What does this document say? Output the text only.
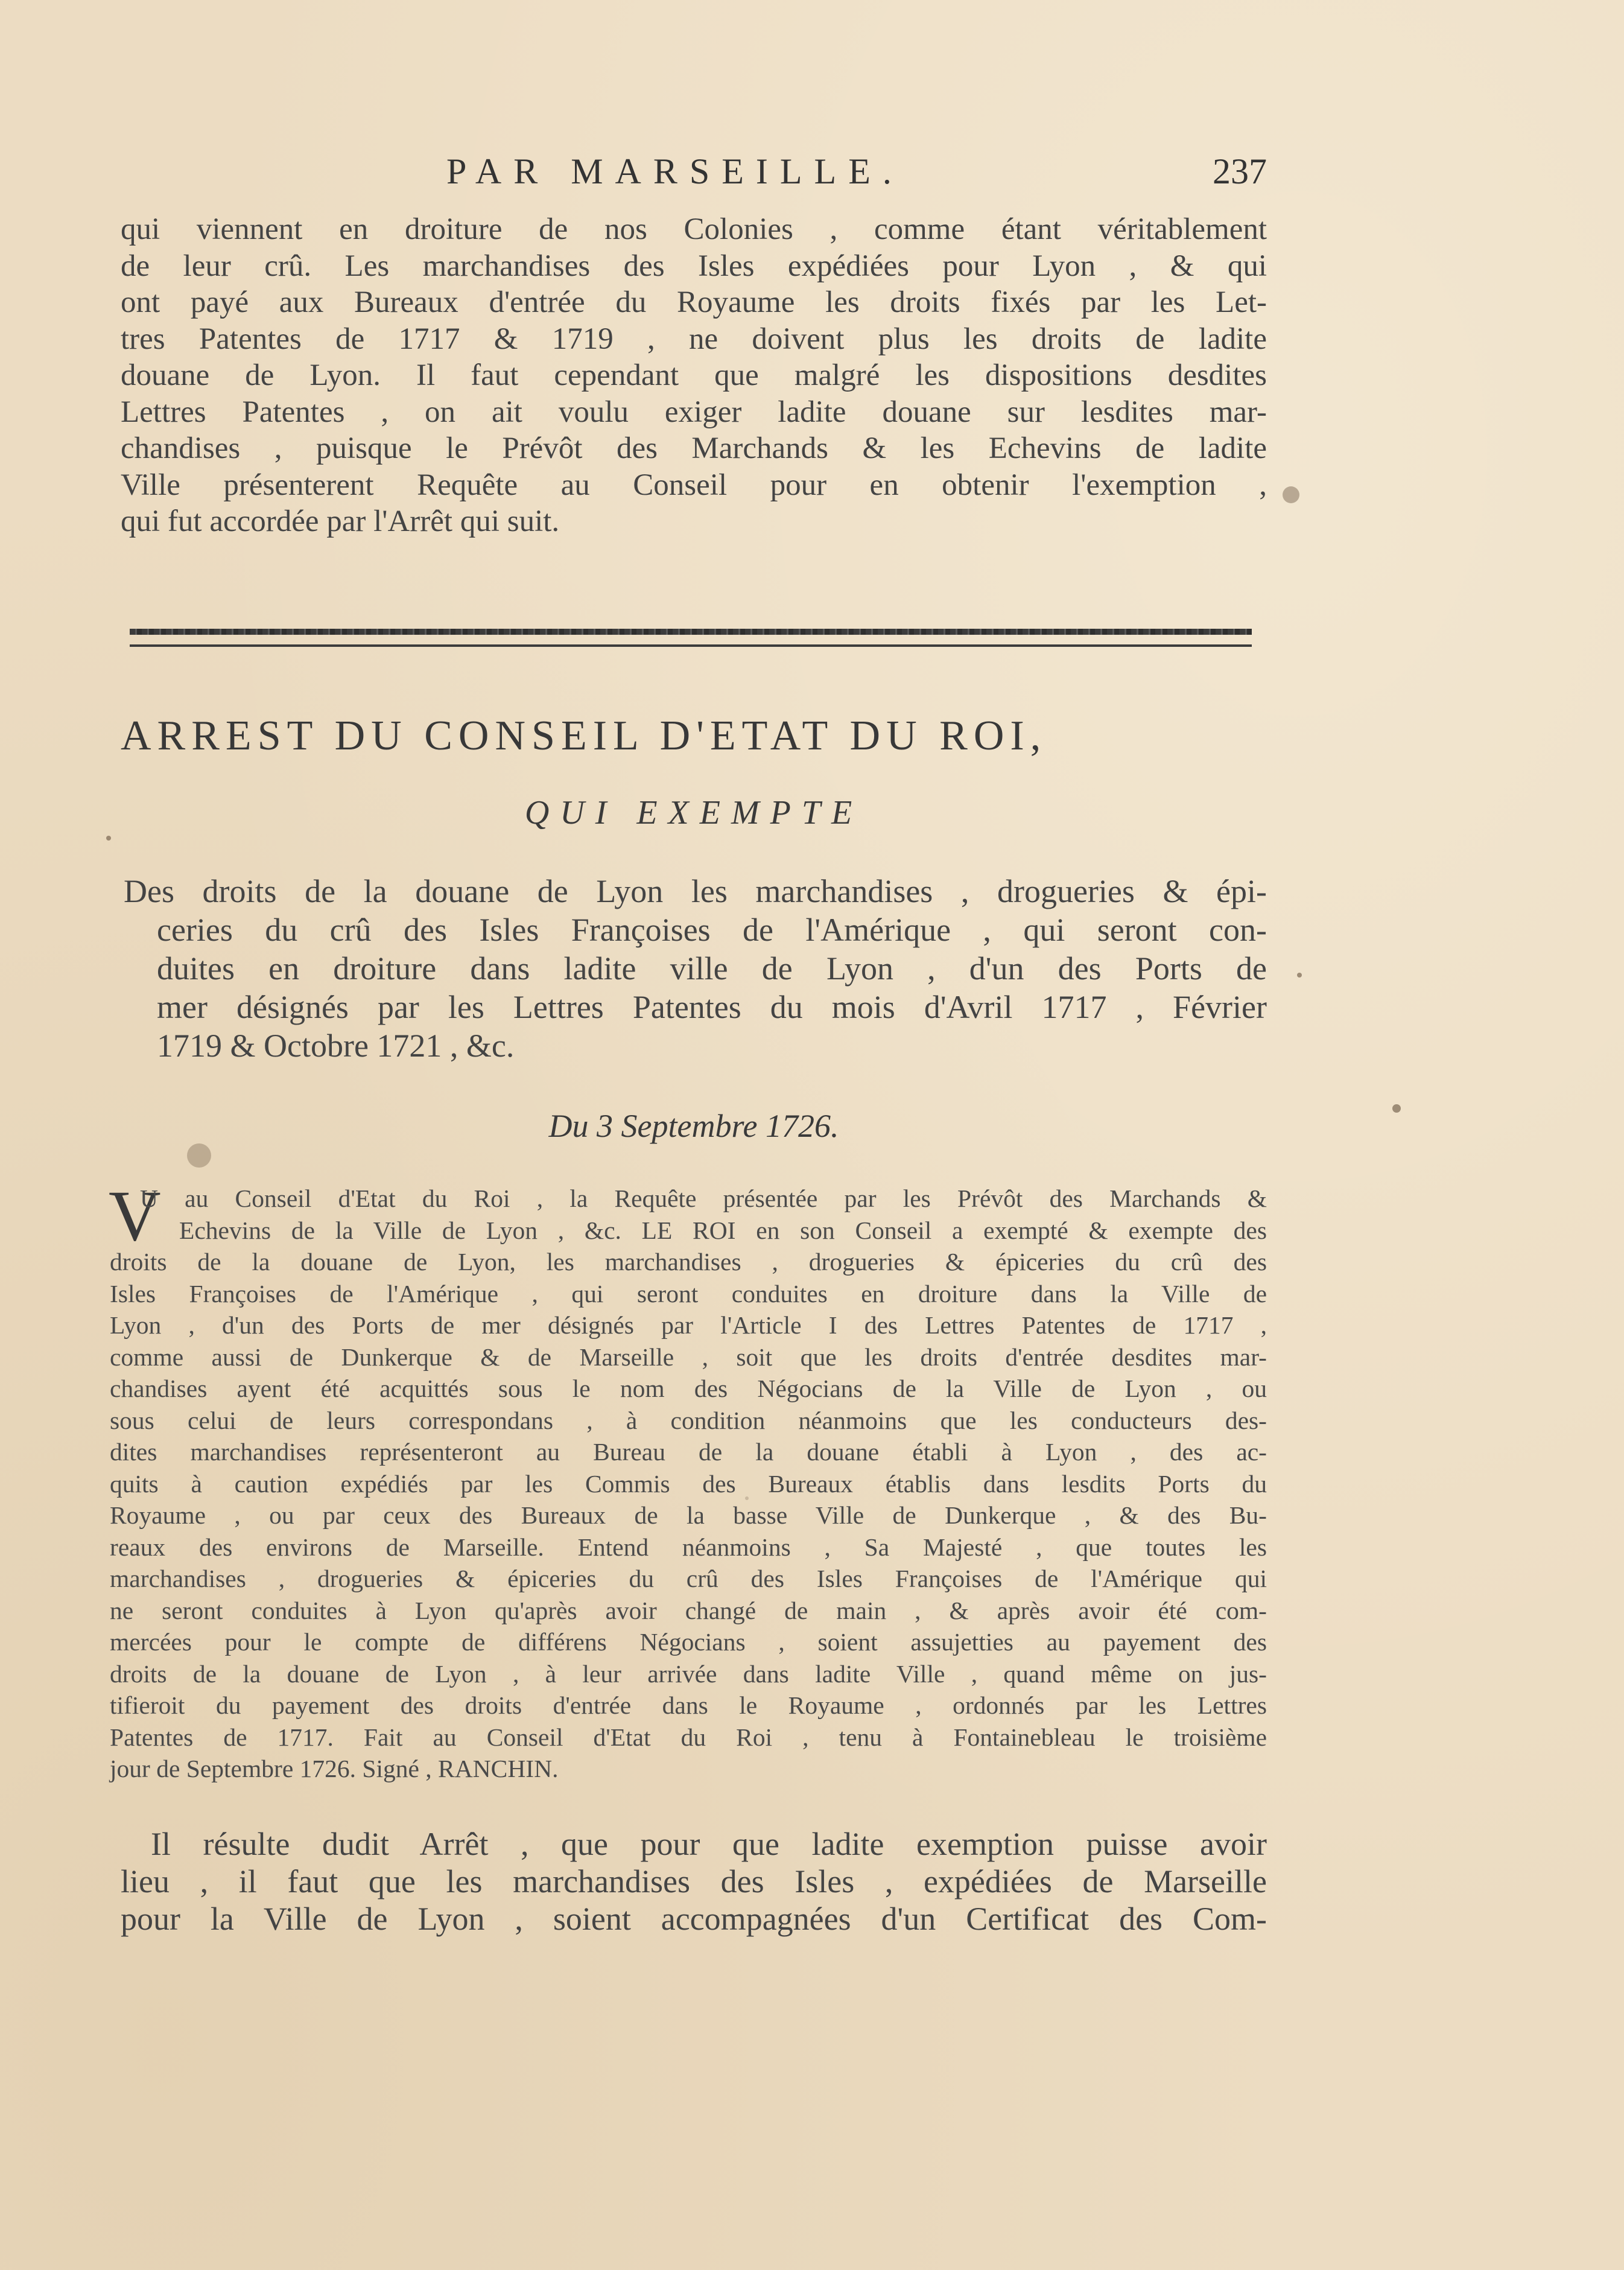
PAR MARSEILLE.	237
qui viennent en droiture de nos Colonies , comme étant véritablement
de leur crû. Les marchandises des Isles expédiées pour Lyon , & qui
ont payé aux Bureaux d'entrée du Royaume les droits fixés par les Let-
tres Patentes de 1717 & 1719 , ne doivent plus les droits de ladite
douane de Lyon. Il faut cependant que malgré les dispositions desdites
Lettres Patentes , on ait voulu exiger ladite douane sur lesdites mar-
chandises , puisque le Prévôt des Marchands & les Echevins de ladite
Ville présenterent Requête au Conseil pour en obtenir l'exemption ,
qui fut accordée par l'Arrêt qui suit.
ARREST DU CONSEIL D'ETAT DU ROI,
QUI EXEMPTE
Des droits de la douane de Lyon les marchandises , drogueries & épi-
ceries du crû des Isles Françoises de l'Amérique , qui seront con-
duites en droiture dans ladite ville de Lyon , d'un des Ports de
mer désignés par les Lettres Patentes du mois d'Avril 1717 , Février
1719 & Octobre 1721 , &c.
Du 3 Septembre 1726.
V
U au Conseil d'Etat du Roi , la Requête présentée par les Prévôt des Marchands &
Echevins de la Ville de Lyon , &c. LE ROI en son Conseil a exempté & exempte des
droits de la douane de Lyon, les marchandises , drogueries & épiceries du crû des
Isles Françoises de l'Amérique , qui seront conduites en droiture dans la Ville de
Lyon , d'un des Ports de mer désignés par l'Article I des Lettres Patentes de 1717 ,
comme aussi de Dunkerque & de Marseille , soit que les droits d'entrée desdites mar-
chandises ayent été acquittés sous le nom des Négocians de la Ville de Lyon , ou
sous celui de leurs correspondans , à condition néanmoins que les conducteurs des-
dites marchandises représenteront au Bureau de la douane établi à Lyon , des ac-
quits à caution expédiés par les Commis des Bureaux établis dans lesdits Ports du
Royaume , ou par ceux des Bureaux de la basse Ville de Dunkerque , & des Bu-
reaux des environs de Marseille. Entend néanmoins , Sa Majesté , que toutes les
marchandises , drogueries & épiceries du crû des Isles Françoises de l'Amérique qui
ne seront conduites à Lyon qu'après avoir changé de main , & après avoir été com-
mercées pour le compte de différens Négocians , soient assujetties au payement des
droits de la douane de Lyon , à leur arrivée dans ladite Ville , quand même on jus-
tifieroit du payement des droits d'entrée dans le Royaume , ordonnés par les Lettres
Patentes de 1717. Fait au Conseil d'Etat du Roi , tenu à Fontainebleau le troisième
jour de Septembre 1726. Signé , RANCHIN.
Il résulte dudit Arrêt , que pour que ladite exemption puisse avoir
lieu , il faut que les marchandises des Isles , expédiées de Marseille
pour la Ville de Lyon , soient accompagnées d'un Certificat des Com-
